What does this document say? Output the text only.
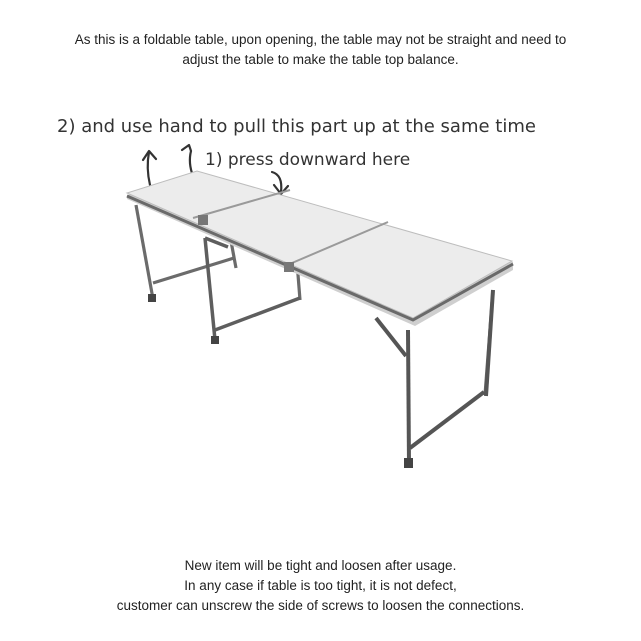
As this is a foldable table, upon opening, the table may not be straight and need to
adjust the table to make the table top balance.
2) and use hand to pull this part up at the same time
1) press downward here
New item will be tight and loosen after usage.
In any case if table is too tight, it is not defect,
customer can unscrew the side of screws to loosen the connections.
